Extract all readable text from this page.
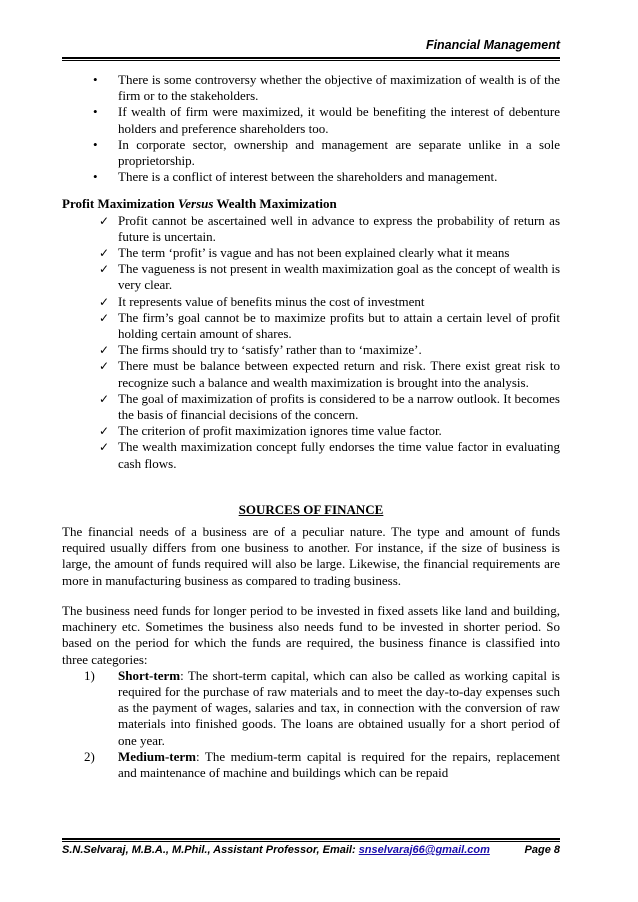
Financial Management
• There is some controversy whether the objective of maximization of wealth is of the firm or to the stakeholders.
• If wealth of firm were maximized, it would be benefiting the interest of debenture holders and preference shareholders too.
• In corporate sector, ownership and management are separate unlike in a sole proprietorship.
• There is a conflict of interest between the shareholders and management.
Profit Maximization Versus Wealth Maximization
✓ Profit cannot be ascertained well in advance to express the probability of return as future is uncertain.
✓ The term ‘profit’ is vague and has not been explained clearly what it means
✓ The vagueness is not present in wealth maximization goal as the concept of wealth is very clear.
✓ It represents value of benefits minus the cost of investment
✓ The firm’s goal cannot be to maximize profits but to attain a certain level of profit holding certain amount of shares.
✓ The firms should try to ‘satisfy’ rather than to ‘maximize’.
✓ There must be balance between expected return and risk. There exist great risk to recognize such a balance and wealth maximization is brought into the analysis.
✓ The goal of maximization of profits is considered to be a narrow outlook. It becomes the basis of financial decisions of the concern.
✓ The criterion of profit maximization ignores time value factor.
✓ The wealth maximization concept fully endorses the time value factor in evaluating cash flows.
SOURCES OF FINANCE

The financial needs of a business are of a peculiar nature. The type and amount of funds required usually differs from one business to another. For instance, if the size of business is large, the amount of funds required will also be large. Likewise, the financial requirements are more in manufacturing business as compared to trading business.

The business need funds for longer period to be invested in fixed assets like land and building, machinery etc. Sometimes the business also needs fund to be invested in shorter period. So based on the period for which the funds are required, the business finance is classified into three categories:

1) Short-term: The short-term capital, which can also be called as working capital is required for the purchase of raw materials and to meet the day-to-day expenses such as the payment of wages, salaries and tax, in connection with the conversion of raw materials into finished goods. The loans are obtained usually for a short period of one year.
2) Medium-term: The medium-term capital is required for the repairs, replacement and maintenance of machine and buildings which can be repaid
S.N.Selvaraj, M.B.A., M.Phil., Assistant Professor, Email: snselvaraj66@gmail.com	Page 8
